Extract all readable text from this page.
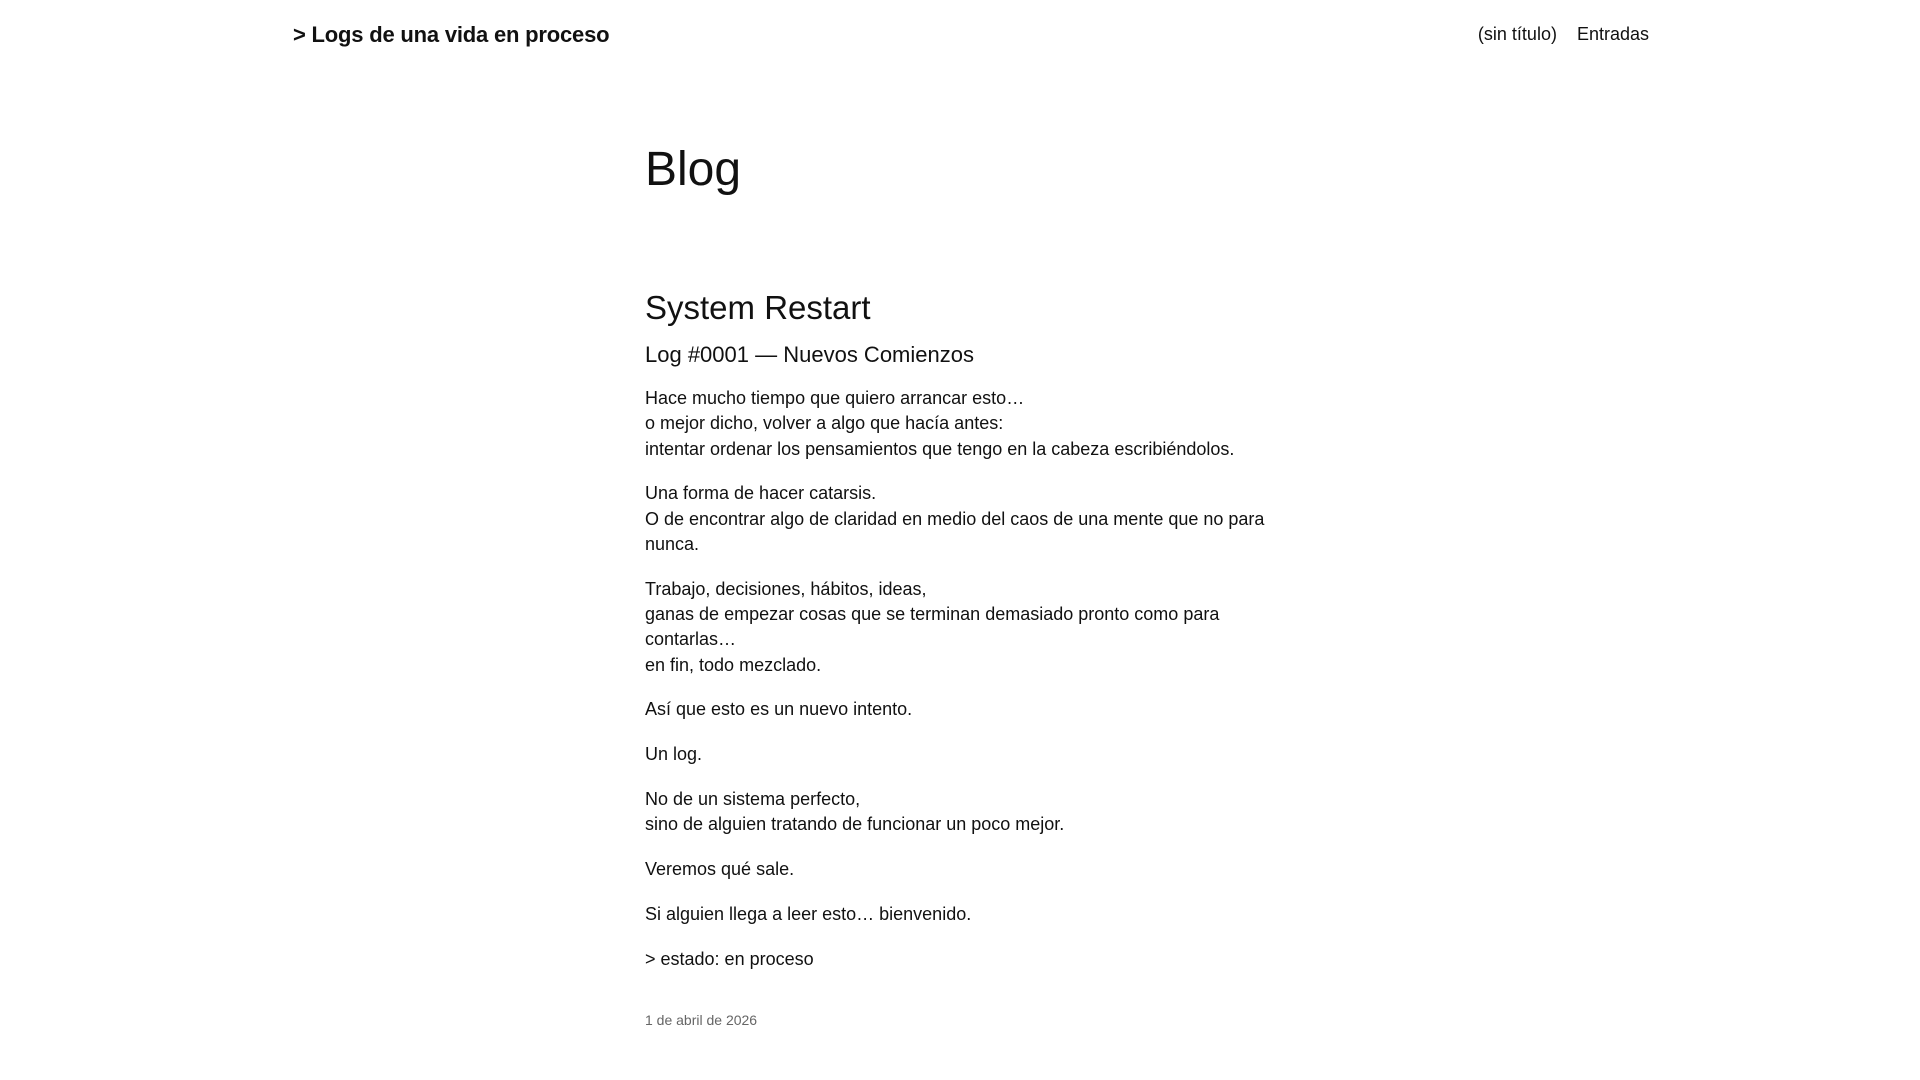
> Logs de una vida en proceso	(sin título) Entradas
Blog
System Restart
Log #0001 — Nuevos Comienzos

Hace mucho tiempo que quiero arrancar esto…
o mejor dicho, volver a algo que hacía antes:
intentar ordenar los pensamientos que tengo en la cabeza escribiéndolos.

Una forma de hacer catarsis.
O de encontrar algo de claridad en medio del caos de una mente que no para nunca.

Trabajo, decisiones, hábitos, ideas,
ganas de empezar cosas que se terminan demasiado pronto como para contarlas…
en fin, todo mezclado.

Así que esto es un nuevo intento.

Un log.

No de un sistema perfecto,
sino de alguien tratando de funcionar un poco mejor.

Veremos qué sale.

Si alguien llega a leer esto… bienvenido.

> estado: en proceso

1 de abril de 2026
